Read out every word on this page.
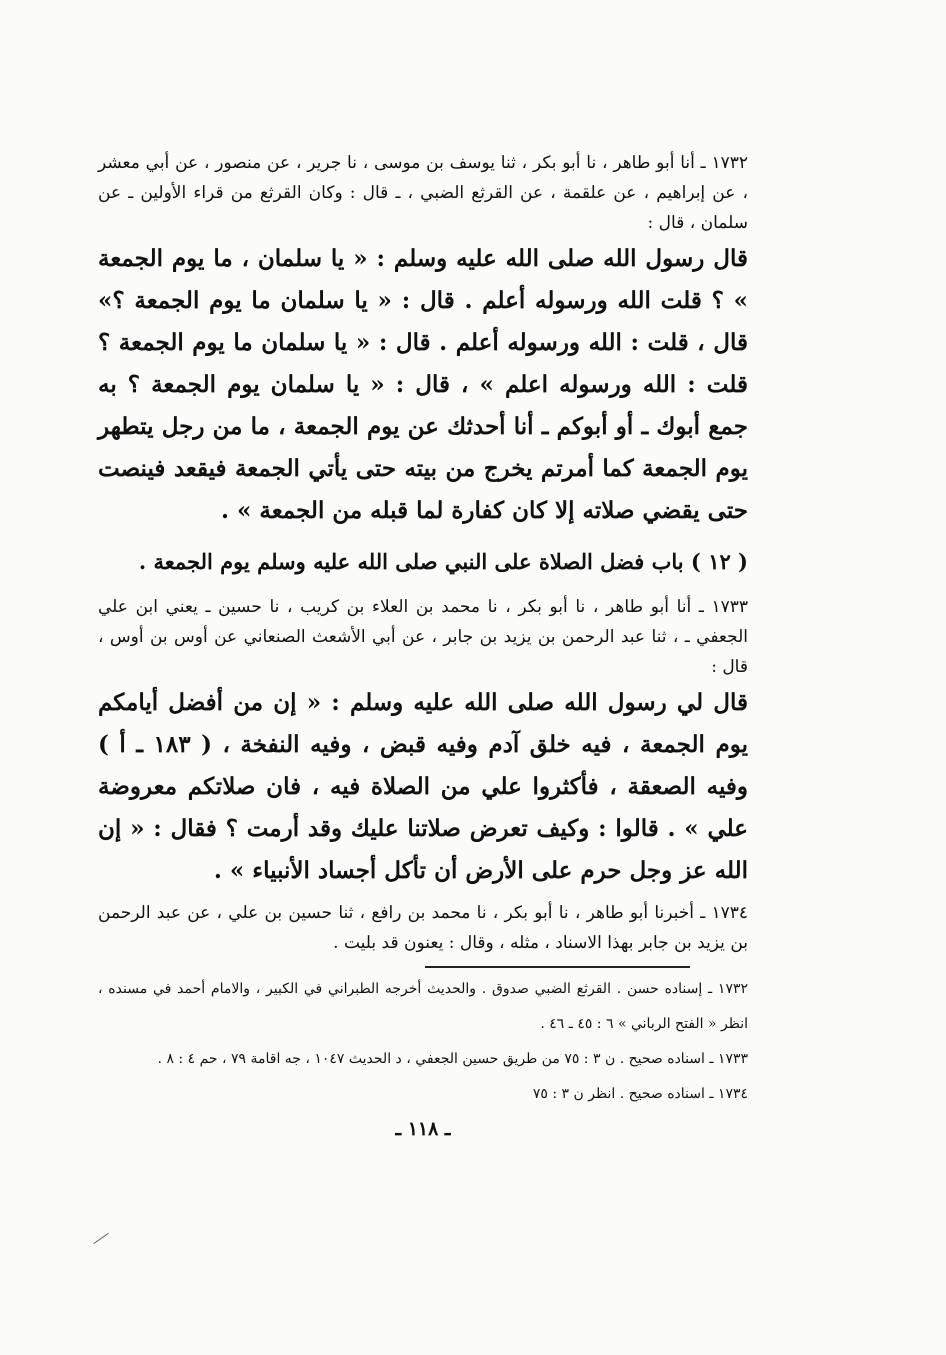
١٧٣٢ ـ أنا أبو طاهر ، نا أبو بكر ، ثنا يوسف بن موسى ، نا جرير ، عن منصور ، عن أبي معشر ، عن إبراهيم ، عن علقمة ، عن القرثع الضبي ، ـ قال : وكان القرثع من قراء الأولين ـ عن سلمان ، قال :

قال رسول الله صلى الله عليه وسلم : « يا سلمان ، ما يوم الجمعة » ؟ قلت الله ورسوله أعلم . قال : « يا سلمان ما يوم الجمعة ؟» قال ، قلت : الله ورسوله أعلم . قال : « يا سلمان ما يوم الجمعة ؟ قلت : الله ورسوله اعلم » ، قال : « يا سلمان يوم الجمعة ؟ به جمع أبوك ـ أو أبوكم ـ أنا أحدثك عن يوم الجمعة ، ما من رجل يتطهر يوم الجمعة كما أمرتم يخرج من بيته حتى يأتي الجمعة فيقعد فينصت حتى يقضي صلاته إلا كان كفارة لما قبله من الجمعة » .

( ١٢ ) باب فضل الصلاة على النبي صلى الله عليه وسلم يوم الجمعة .

١٧٣٣ ـ أنا أبو طاهر ، نا أبو بكر ، نا محمد بن العلاء بن كريب ، نا حسين ـ يعني ابن علي الجعفي ـ ، ثنا عبد الرحمن بن يزيد بن جابر ، عن أبي الأشعث الصنعاني عن أوس بن أوس ، قال :

قال لي رسول الله صلى الله عليه وسلم : « إن من أفضل أيامكم يوم الجمعة ، فيه خلق آدم وفيه قبض ، وفيه النفخة ، ( ١٨٣ ـ أ ) وفيه الصعقة ، فأكثروا علي من الصلاة فيه ، فان صلاتكم معروضة علي » . قالوا : وكيف تعرض صلاتنا عليك وقد أرمت ؟ فقال : « إن الله عز وجل حرم على الأرض أن تأكل أجساد الأنبياء » .

١٧٣٤ ـ أخبرنا أبو طاهر ، نا أبو بكر ، نا محمد بن رافع ، ثنا حسين بن علي ، عن عبد الرحمن بن يزيد بن جابر بهذا الاسناد ، مثله ، وقال : يعنون قد بليت .

١٧٣٢ ـ إسناده حسن . القرثع الضبي صدوق . والحديث أخرجه الطبراني في الكبير ، والامام أحمد في مسنده ، انظر « الفتح الرباني » ٦ : ٤٥ ـ ٤٦ .

١٧٣٣ ـ اسناده صحيح . ن ٣ : ٧٥ من طريق حسين الجعفي ، د الحديث ١٠٤٧ ، جه اقامة ٧٩ ، حم ٤ : ٨ .

١٧٣٤ ـ اسناده صحيح . انظر ن ٣ : ٧٥

ـ ١١٨ ـ
